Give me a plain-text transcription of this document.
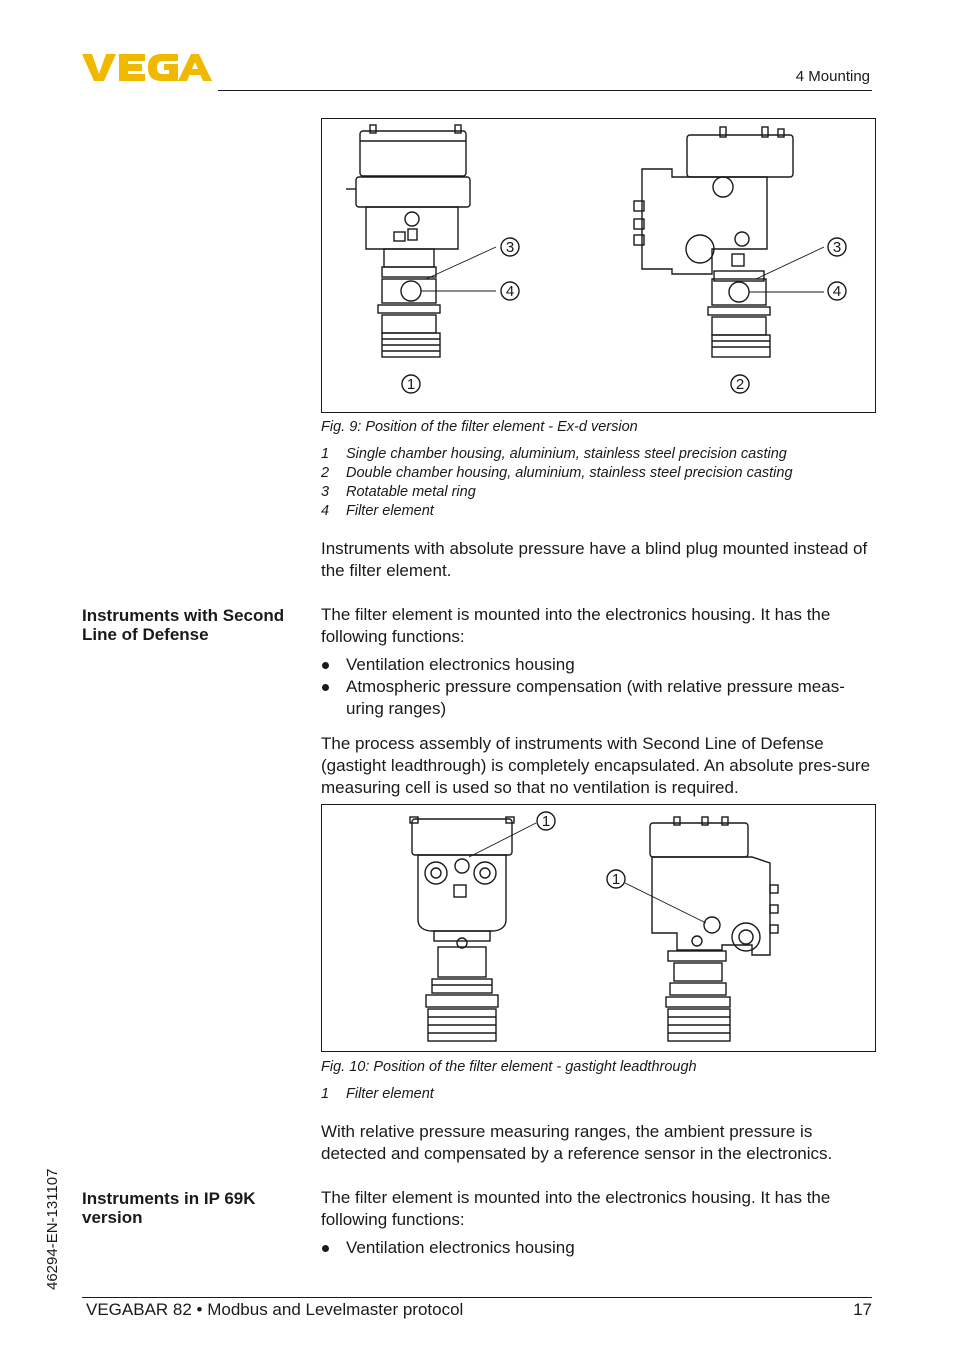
4 Mounting
3
4
3
4
1	2
Fig. 9: Position of the filter element - Ex-d version
1	Single chamber housing, aluminium, stainless steel precision casting
2	Double chamber housing, aluminium, stainless steel precision casting
3	Rotatable metal ring
4	Filter element

Instruments with absolute pressure have a blind plug mounted instead of the filter element.

Instruments with Second Line of Defense

The filter element is mounted into the electronics housing. It has the following functions:

Ventilation electronics housing
Atmospheric pressure compensation (with relative pressure meas-uring ranges)

The process assembly of instruments with Second Line of Defense (gastight leadthrough) is completely encapsulated. An absolute pres-sure measuring cell is used so that no ventilation is required.

1
1
Fig. 10: Position of the filter element - gastight leadthrough
1	Filter element

With relative pressure measuring ranges, the ambient pressure is detected and compensated by a reference sensor in the electronics.

Instruments in IP 69K version

The filter element is mounted into the electronics housing. It has the following functions:

Ventilation electronics housing
46294-EN-131107
VEGABAR 82 • Modbus and Levelmaster protocol	17
